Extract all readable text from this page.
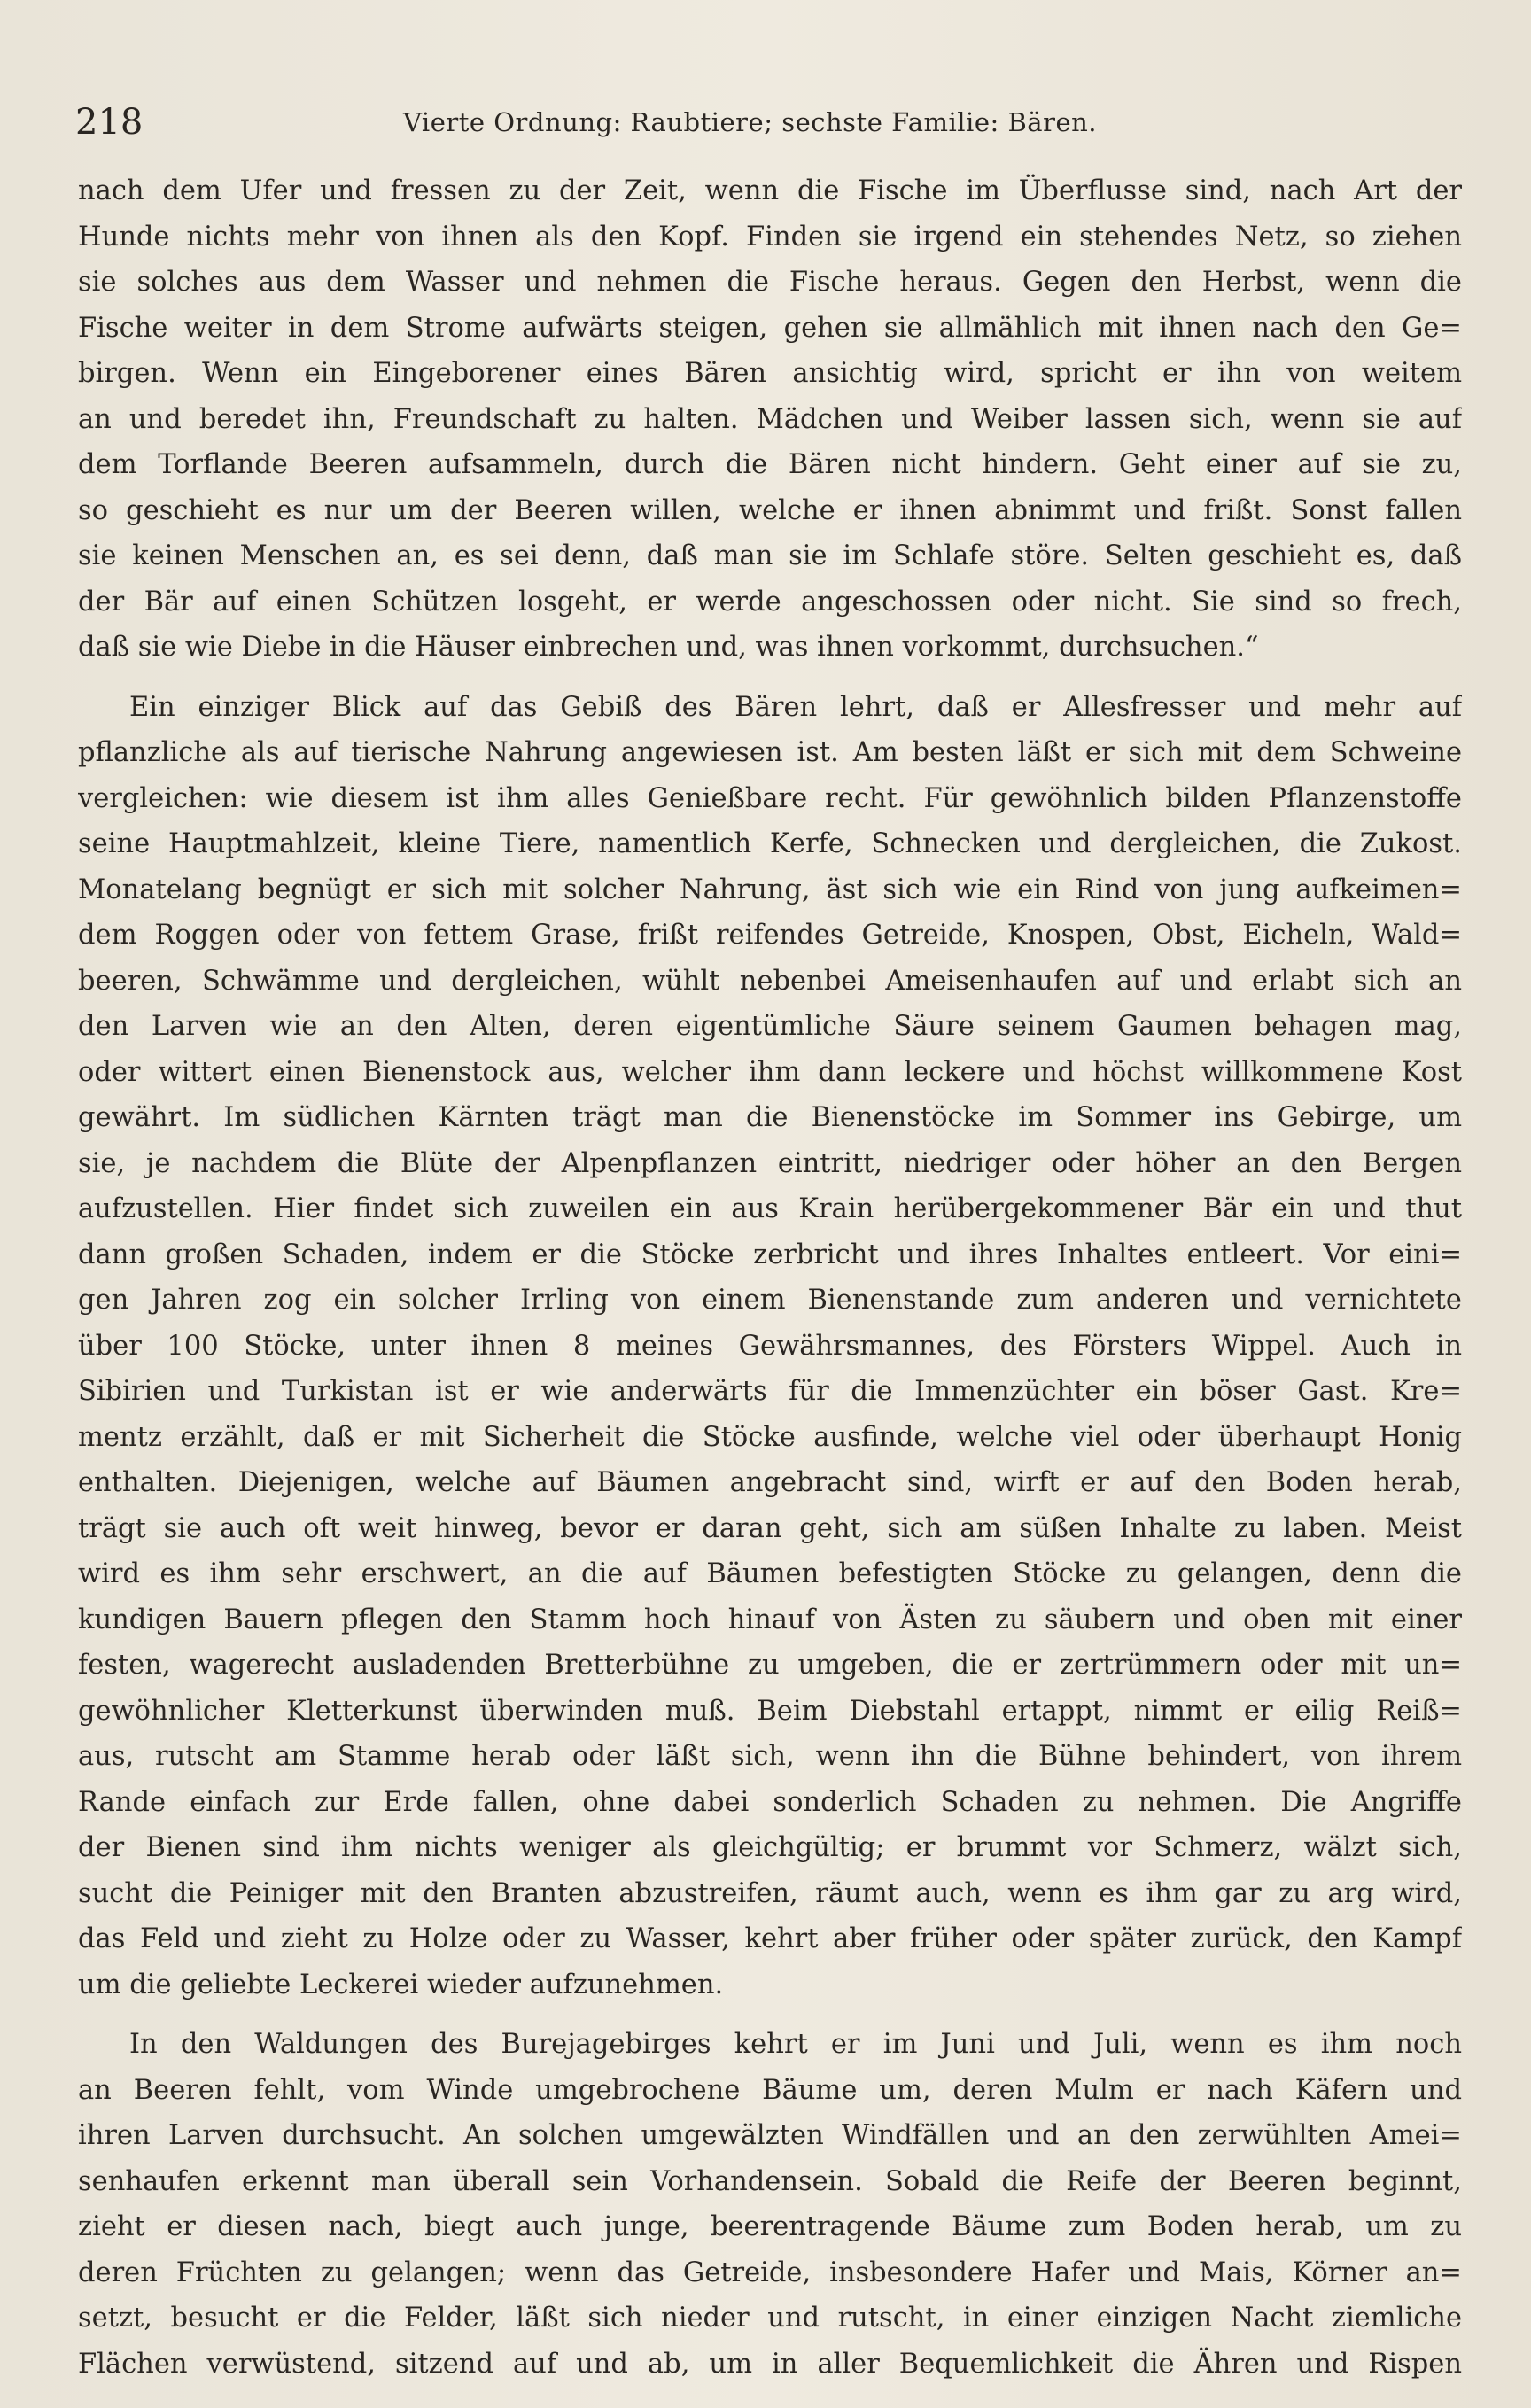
218	Vierte Ordnung: Raubtiere; sechste Familie: Bären.
nach dem Ufer und fressen zu der Zeit, wenn die Fische im Überflusse sind, nach Art der
Hunde nichts mehr von ihnen als den Kopf. Finden sie irgend ein stehendes Netz, so ziehen
sie solches aus dem Wasser und nehmen die Fische heraus. Gegen den Herbst, wenn die
Fische weiter in dem Strome aufwärts steigen, gehen sie allmählich mit ihnen nach den Ge=
birgen. Wenn ein Eingeborener eines Bären ansichtig wird, spricht er ihn von weitem
an und beredet ihn, Freundschaft zu halten. Mädchen und Weiber lassen sich, wenn sie auf
dem Torflande Beeren aufsammeln, durch die Bären nicht hindern. Geht einer auf sie zu,
so geschieht es nur um der Beeren willen, welche er ihnen abnimmt und frißt. Sonst fallen
sie keinen Menschen an, es sei denn, daß man sie im Schlafe störe. Selten geschieht es, daß
der Bär auf einen Schützen losgeht, er werde angeschossen oder nicht. Sie sind so frech,
daß sie wie Diebe in die Häuser einbrechen und, was ihnen vorkommt, durchsuchen.“
Ein einziger Blick auf das Gebiß des Bären lehrt, daß er Allesfresser und mehr auf
pflanzliche als auf tierische Nahrung angewiesen ist. Am besten läßt er sich mit dem Schweine
vergleichen: wie diesem ist ihm alles Genießbare recht. Für gewöhnlich bilden Pflanzenstoffe
seine Hauptmahlzeit, kleine Tiere, namentlich Kerfe, Schnecken und dergleichen, die Zukost.
Monatelang begnügt er sich mit solcher Nahrung, äst sich wie ein Rind von jung aufkeimen=
dem Roggen oder von fettem Grase, frißt reifendes Getreide, Knospen, Obst, Eicheln, Wald=
beeren, Schwämme und dergleichen, wühlt nebenbei Ameisenhaufen auf und erlabt sich an
den Larven wie an den Alten, deren eigentümliche Säure seinem Gaumen behagen mag,
oder wittert einen Bienenstock aus, welcher ihm dann leckere und höchst willkommene Kost
gewährt. Im südlichen Kärnten trägt man die Bienenstöcke im Sommer ins Gebirge, um
sie, je nachdem die Blüte der Alpenpflanzen eintritt, niedriger oder höher an den Bergen
aufzustellen. Hier findet sich zuweilen ein aus Krain herübergekommener Bär ein und thut
dann großen Schaden, indem er die Stöcke zerbricht und ihres Inhaltes entleert. Vor eini=
gen Jahren zog ein solcher Irrling von einem Bienenstande zum anderen und vernichtete
über 100 Stöcke, unter ihnen 8 meines Gewährsmannes, des Försters Wippel. Auch in
Sibirien und Turkistan ist er wie anderwärts für die Immenzüchter ein böser Gast. Kre=
mentz erzählt, daß er mit Sicherheit die Stöcke ausfinde, welche viel oder überhaupt Honig
enthalten. Diejenigen, welche auf Bäumen angebracht sind, wirft er auf den Boden herab,
trägt sie auch oft weit hinweg, bevor er daran geht, sich am süßen Inhalte zu laben. Meist
wird es ihm sehr erschwert, an die auf Bäumen befestigten Stöcke zu gelangen, denn die
kundigen Bauern pflegen den Stamm hoch hinauf von Ästen zu säubern und oben mit einer
festen, wagerecht ausladenden Bretterbühne zu umgeben, die er zertrümmern oder mit un=
gewöhnlicher Kletterkunst überwinden muß. Beim Diebstahl ertappt, nimmt er eilig Reiß=
aus, rutscht am Stamme herab oder läßt sich, wenn ihn die Bühne behindert, von ihrem
Rande einfach zur Erde fallen, ohne dabei sonderlich Schaden zu nehmen. Die Angriffe
der Bienen sind ihm nichts weniger als gleichgültig; er brummt vor Schmerz, wälzt sich,
sucht die Peiniger mit den Branten abzustreifen, räumt auch, wenn es ihm gar zu arg wird,
das Feld und zieht zu Holze oder zu Wasser, kehrt aber früher oder später zurück, den Kampf
um die geliebte Leckerei wieder aufzunehmen.
In den Waldungen des Burejagebirges kehrt er im Juni und Juli, wenn es ihm noch
an Beeren fehlt, vom Winde umgebrochene Bäume um, deren Mulm er nach Käfern und
ihren Larven durchsucht. An solchen umgewälzten Windfällen und an den zerwühlten Amei=
senhaufen erkennt man überall sein Vorhandensein. Sobald die Reife der Beeren beginnt,
zieht er diesen nach, biegt auch junge, beerentragende Bäume zum Boden herab, um zu
deren Früchten zu gelangen; wenn das Getreide, insbesondere Hafer und Mais, Körner an=
setzt, besucht er die Felder, läßt sich nieder und rutscht, in einer einzigen Nacht ziemliche
Flächen verwüstend, sitzend auf und ab, um in aller Bequemlichkeit die Ähren und Rispen
